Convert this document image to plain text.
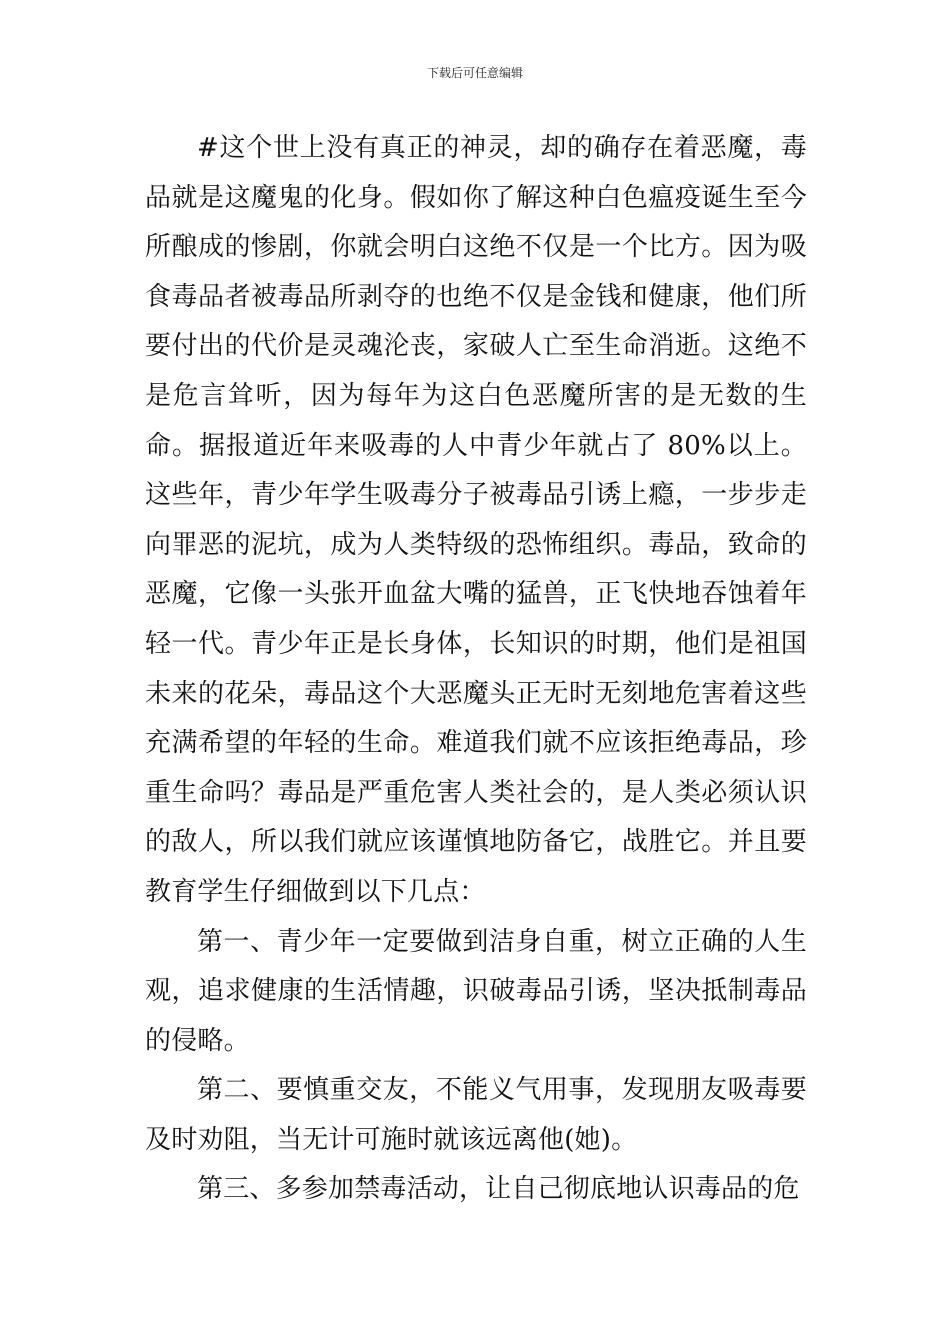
下载后可任意编辑

#这个世上没有真正的神灵，却的确存在着恶魔，毒品就是这魔鬼的化身。假如你了解这种白色瘟疫诞生至今所酿成的惨剧，你就会明白这绝不仅是一个比方。因为吸食毒品者被毒品所剥夺的也绝不仅是金钱和健康，他们所要付出的代价是灵魂沦丧，家破人亡至生命消逝。这绝不是危言耸听，因为每年为这白色恶魔所害的是无数的生命。据报道近年来吸毒的人中青少年就占了 80%以上。这些年，青少年学生吸毒分子被毒品引诱上瘾，一步步走向罪恶的泥坑，成为人类特级的恐怖组织。毒品，致命的恶魔，它像一头张开血盆大嘴的猛兽，正飞快地吞蚀着年轻一代。青少年正是长身体，长知识的时期，他们是祖国未来的花朵，毒品这个大恶魔头正无时无刻地危害着这些充满希望的年轻的生命。难道我们就不应该拒绝毒品，珍重生命吗？毒品是严重危害人类社会的，是人类必须认识的敌人，所以我们就应该谨慎地防备它，战胜它。并且要教育学生仔细做到以下几点：

第一、青少年一定要做到洁身自重，树立正确的人生观，追求健康的生活情趣，识破毒品引诱，坚决抵制毒品的侵略。

第二、要慎重交友，不能义气用事，发现朋友吸毒要及时劝阻，当无计可施时就该远离他(她)。

第三、多参加禁毒活动，让自己彻底地认识毒品的危
